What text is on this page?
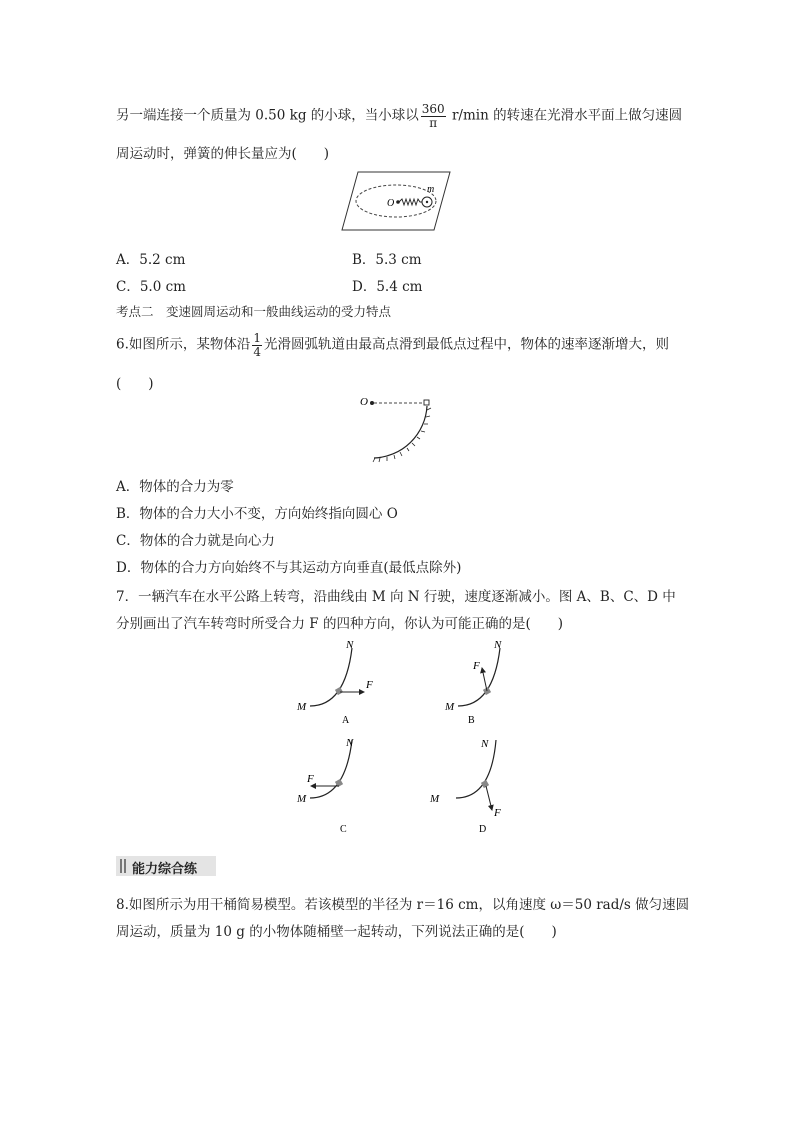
另一端连接一个质量为 0.50 kg 的小球，当小球以 $\frac{360}{\pi} r/\min$ 的转速在光滑水平面上做匀速圆
周运动时，弹簧的伸长量应为(　　)
O
m
A．5.2 cm	B．5.3 cm
C．5.0 cm	D．5.4 cm
考点二　变速圆周运动和一般曲线运动的受力特点
6.如图所示，某物体沿 $\frac{1}{4}$ 光滑圆弧轨道由最高点滑到最低点过程中，物体的速率逐渐增大，则
(　　)
O
A．物体的合力为零
B．物体的合力大小不变，方向始终指向圆心 O
C．物体的合力就是向心力
D．物体的合力方向始终不与其运动方向垂直(最低点除外)
7．一辆汽车在水平公路上转弯，沿曲线由 M 向 N 行驶，速度逐渐减小。图 A、B、C、D 中
分别画出了汽车转弯时所受合力 F 的四种方向，你认为可能正确的是(　　)
M
N
F
A
M
N
F
B
M
N
F
C
M
N
F
D
能力综合练
8.如图所示为用干桶简易模型。若该模型的半径为 r＝16 cm，以角速度 ω＝50 rad/s 做匀速圆
周运动，质量为 10 g 的小物体随桶壁一起转动，下列说法正确的是(　　)
